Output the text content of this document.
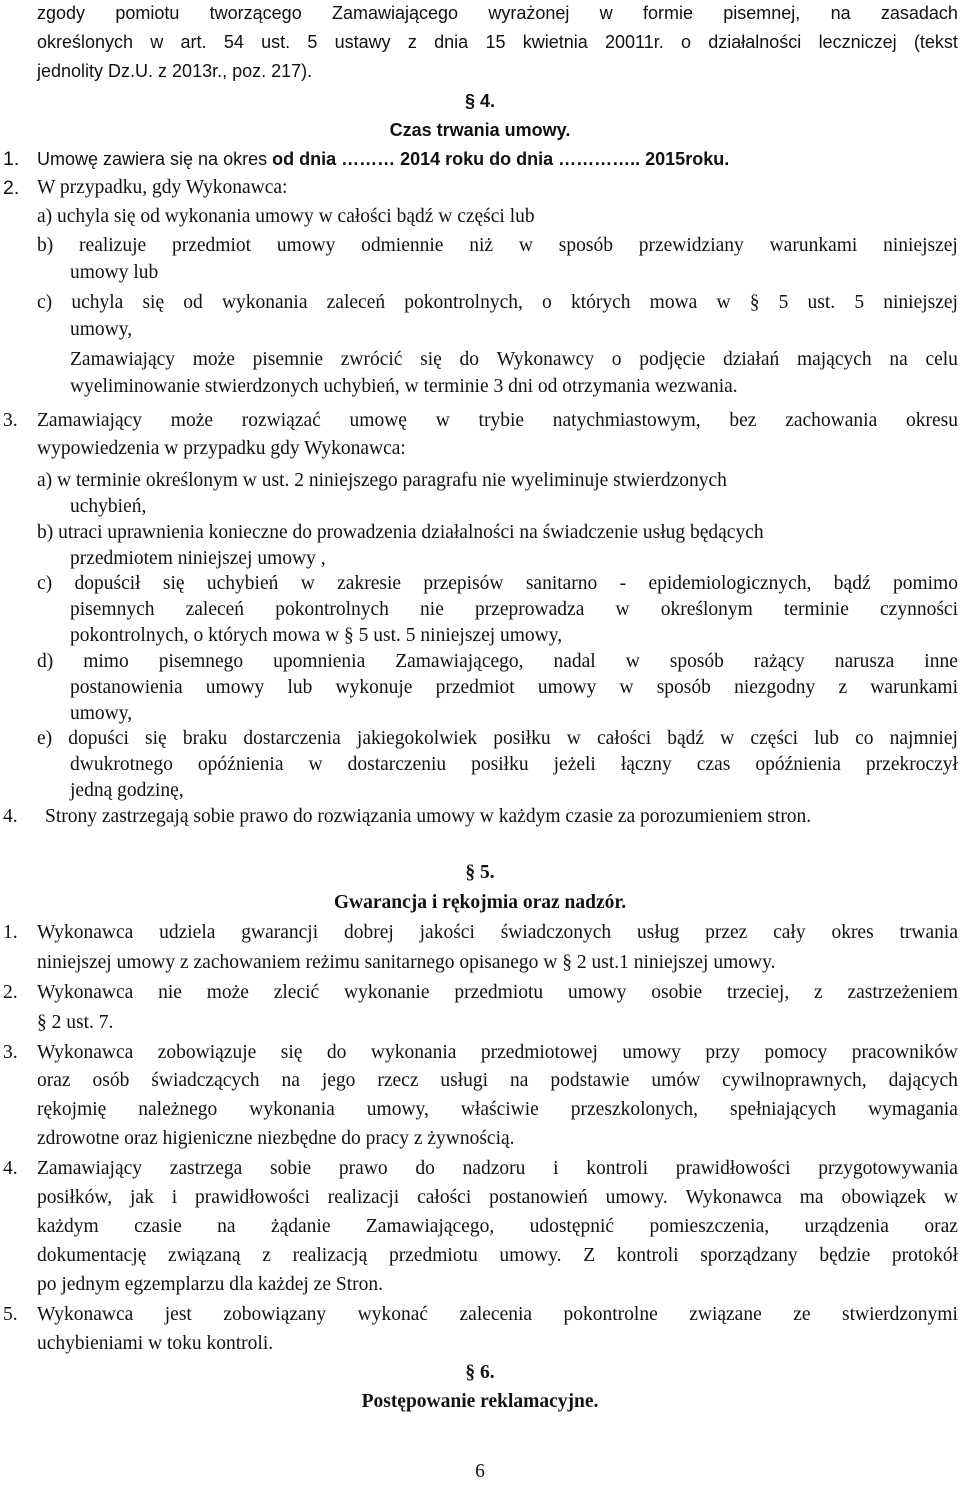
zgody pomiotu tworzącego Zamawiającego wyrażonej w formie pisemnej, na zasadach
określonych w art. 54 ust. 5 ustawy z dnia 15 kwietnia 20011r. o działalności leczniczej (tekst
jednolity Dz.U. z 2013r., poz. 217).
§ 4.
Czas trwania umowy.
1. Umowę zawiera się na okres od dnia ……… 2014 roku do dnia ………….. 2015roku.
2. W przypadku, gdy Wykonawca:
a) uchyla się od wykonania umowy w całości bądź w części lub
b) realizuje przedmiot umowy odmiennie niż w sposób przewidziany warunkami niniejszej
umowy lub
c) uchyla się od wykonania zaleceń pokontrolnych, o których mowa w § 5 ust. 5 niniejszej
umowy,
Zamawiający może pisemnie zwrócić się do Wykonawcy o podjęcie działań mających na celu
wyeliminowanie stwierdzonych uchybień, w terminie 3 dni od otrzymania wezwania.
3. Zamawiający może rozwiązać umowę w trybie natychmiastowym, bez zachowania okresu
wypowiedzenia w przypadku gdy Wykonawca:
a) w terminie określonym w ust. 2 niniejszego paragrafu nie wyeliminuje stwierdzonych
uchybień,
b) utraci uprawnienia konieczne do prowadzenia działalności na świadczenie usług będących
przedmiotem niniejszej umowy ,
c) dopuścił się uchybień w zakresie przepisów sanitarno - epidemiologicznych, bądź pomimo
pisemnych zaleceń pokontrolnych nie przeprowadza w określonym terminie czynności
pokontrolnych, o których mowa w § 5 ust. 5 niniejszej umowy,
d) mimo pisemnego upomnienia Zamawiającego, nadal w sposób rażący narusza inne
postanowienia umowy lub wykonuje przedmiot umowy w sposób niezgodny z warunkami
umowy,
e) dopuści się braku dostarczenia jakiegokolwiek posiłku w całości bądź w części lub co najmniej
dwukrotnego opóźnienia w dostarczeniu posiłku jeżeli łączny czas opóźnienia przekroczył
jedną godzinę,
4. Strony zastrzegają sobie prawo do rozwiązania umowy w każdym czasie za porozumieniem stron.
§ 5.
Gwarancja i rękojmia oraz nadzór.
1. Wykonawca udziela gwarancji dobrej jakości świadczonych usług przez cały okres trwania
niniejszej umowy z zachowaniem reżimu sanitarnego opisanego w § 2 ust.1 niniejszej umowy.
2. Wykonawca nie może zlecić wykonanie przedmiotu umowy osobie trzeciej, z zastrzeżeniem
§ 2 ust. 7.
3. Wykonawca zobowiązuje się do wykonania przedmiotowej umowy przy pomocy pracowników
oraz osób świadczących na jego rzecz usługi na podstawie umów cywilnoprawnych, dających
rękojmię należnego wykonania umowy, właściwie przeszkolonych, spełniających wymagania
zdrowotne oraz higieniczne niezbędne do pracy z żywnością.
4. Zamawiający zastrzega sobie prawo do nadzoru i kontroli prawidłowości przygotowywania
posiłków, jak i prawidłowości realizacji całości postanowień umowy. Wykonawca ma obowiązek w
każdym czasie na żądanie Zamawiającego, udostępnić pomieszczenia, urządzenia oraz
dokumentację związaną z realizacją przedmiotu umowy. Z kontroli sporządzany będzie protokół
po jednym egzemplarzu dla każdej ze Stron.
5. Wykonawca jest zobowiązany wykonać zalecenia pokontrolne związane ze stwierdzonymi
uchybieniami w toku kontroli.
§ 6.
Postępowanie reklamacyjne.
6
